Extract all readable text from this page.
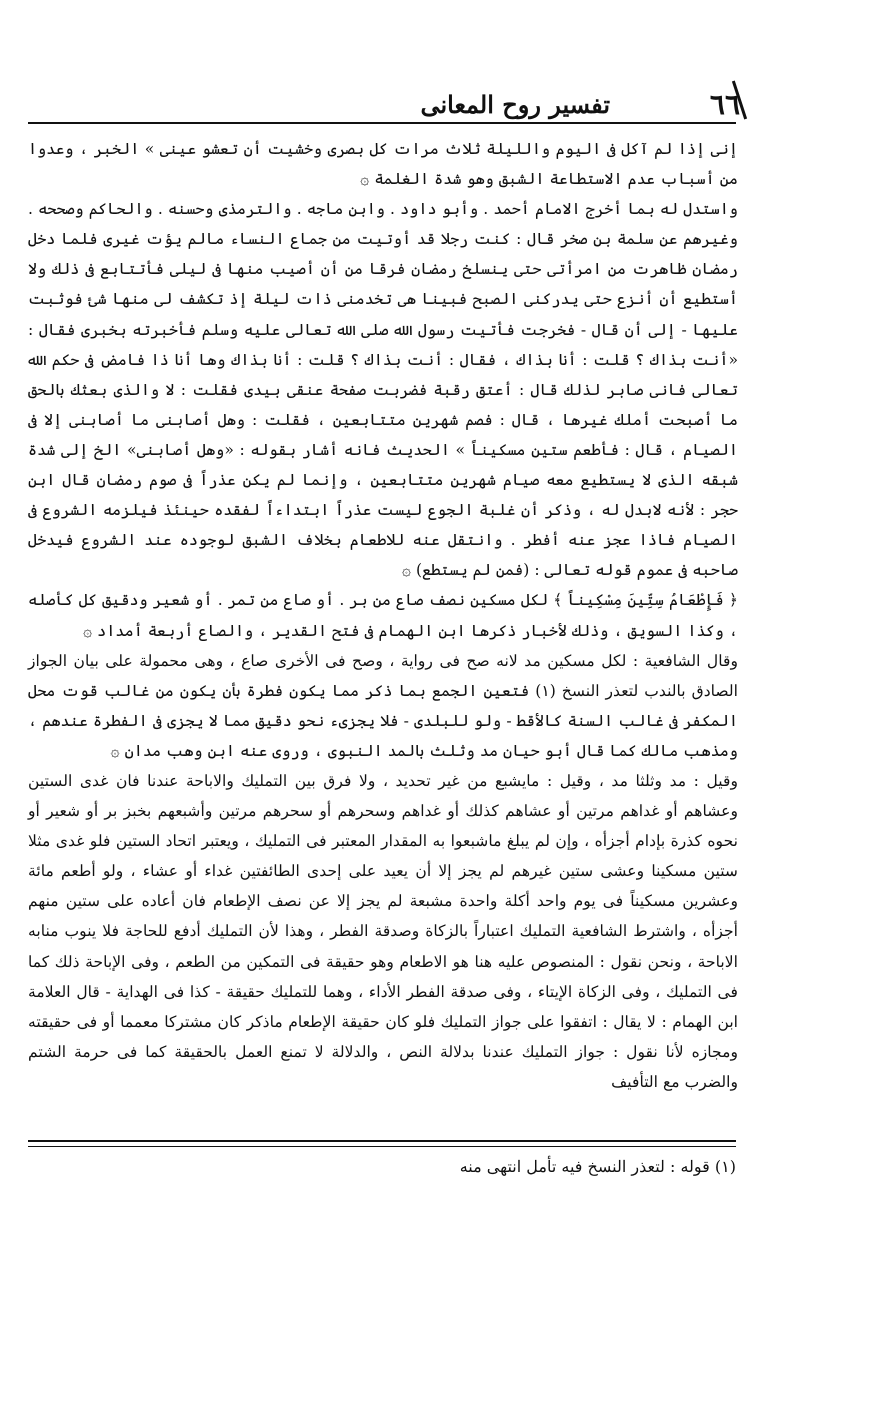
٦٦
تفسير روح المعانى

إنى إذا لم آكل فى اليوم والليلة ثلاث مرات كل بصرى وخشيت أن تعشو عينى » الخبر ، وعدوا من أسباب عدم الاستطاعة الشبق وهو شدة الغلمة ۞

واستدل له بما أخرج الامام أحمد . وأبو داود . وابن ماجه . والترمذى وحسنه . والحاكم وصححه . وغيرهم عن سلمة بن صخر قال : كنت رجلا قد أوتيت من جماع النساء مالم يؤت غيرى فلما دخل رمضان ظاهرت من امرأتى حتى ينسلخ رمضان فرقا من أن أصيب منها فى ليلى فأتتابع فى ذلك ولا أستطيع أن أنزع حتى يدركنى الصبح فبينا هى تخدمنى ذات ليلة إذ تكشف لى منها شئ فوثبت عليها - إلى أن قال - فخرجت فأتيت رسول الله صلى الله تعالى عليه وسلم فأخبرته بخبرى فقال : «أنت بذاك ؟ قلت : أنا بذاك ، فقال : أنت بذاك ؟ قلت : أنا بذاك وها أنا ذا فامض فى حكم الله تعالى فانى صابر لذلك قال : أعتق رقبة فضربت صفحة عنقى بيدى فقلت : لا والذى بعثك بالحق ما أصبحت أملك غيرها ، قال : فصم شهرين متتابعين ، فقلت : وهل أصابنى ما أصابنى إلا فى الصيام ، قال : فأطعم ستين مسكيناً » الحديث فانه أشار بقوله : «وهل أصابنى» الخ إلى شدة شبقه الذى لا يستطيع معه صيام شهرين متتابعين ، وإنما لم يكن عذراً فى صوم رمضان قال ابن حجر : لأنه لابدل له ، وذكر أن غلبة الجوع ليست عذراً ابتداءاً لفقده حينئذ فيلزمه الشروع فى الصيام فاذا عجز عنه أفطر . وانتقل عنه للاطعام بخلاف الشبق لوجوده عند الشروع فيدخل صاحبه فى عموم قوله تعالى : (فمن لم يستطع) ۞

﴿ فَإِطْعَامُ سِتِّينَ مِسْكِيناً ﴾ لكل مسكين نصف صاع من بر . أو صاع من تمر . أو شعير ودقيق كل كأصله ، وكذا السويق ، وذلك لأخبار ذكرها ابن الهمام فى فتح القدير ، والصاع أربعة أمداد ۞

وقال الشافعية : لكل مسكين مد لانه صح فى رواية ، وصح فى الأخرى صاع ، وهى محمولة على بيان الجواز الصادق بالندب لتعذر النسخ (١) فتعين الجمع بما ذكر مما يكون فطرة بأن يكون من غالب قوت محل المكفر فى غالب السنة كالأقط - ولو للبلدى - فلا يجزىء نحو دقيق مما لا يجزى فى الفطرة عندهم ، ومذهب مالك كما قال أبو حيان مد وثلث بالمد النبوى ، وروى عنه ابن وهب مدان ۞

وقيل : مد وثلثا مد ، وقيل : مايشبع من غير تحديد ، ولا فرق بين التمليك والاباحة عندنا فان غدى الستين وعشاهم أو غداهم مرتين أو عشاهم كذلك أو غداهم وسحرهم أو سحرهم مرتين وأشبعهم بخبز بر أو شعير أو نحوه كذرة بإدام أجزأه ، وإن لم يبلغ ماشبعوا به المقدار المعتبر فى التمليك ، ويعتبر اتحاد الستين فلو غدى مثلا ستين مسكينا وعشى ستين غيرهم لم يجز إلا أن يعيد على إحدى الطائفتين غداء أو عشاء ، ولو أطعم مائة وعشرين مسكيناً فى يوم واحد أكلة واحدة مشبعة لم يجز إلا عن نصف الإطعام فان أعاده على ستين منهم أجزأه ، واشترط الشافعية التمليك اعتباراً بالزكاة وصدقة الفطر ، وهذا لأن التمليك أدفع للحاجة فلا ينوب منابه الاباحة ، ونحن نقول : المنصوص عليه هنا هو الاطعام وهو حقيقة فى التمكين من الطعم ، وفى الإباحة ذلك كما فى التمليك ، وفى الزكاة الإيتاء ، وفى صدقة الفطر الأداء ، وهما للتمليك حقيقة - كذا فى الهداية - قال العلامة ابن الهمام : لا يقال : اتفقوا على جواز التمليك فلو كان حقيقة الإطعام ماذكر كان مشتركا معمما أو فى حقيقته ومجازه لأنا نقول : جواز التمليك عندنا بدلالة النص ، والدلالة لا تمنع العمل بالحقيقة كما فى حرمة الشتم والضرب مع التأفيف

(١) قوله : لتعذر النسخ فيه تأمل انتهى منه
